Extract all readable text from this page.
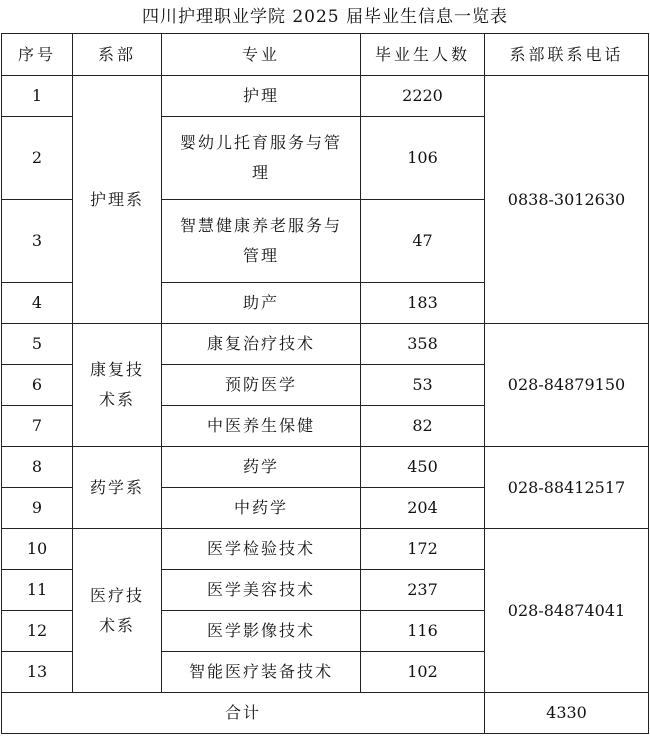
四川护理职业学院 2025 届毕业生信息一览表
序号	系部	专业	毕业生人数	系部联系电话
1	护理系	护理	2220	0838-3012630
2		婴幼儿托育服务与管理	106	
3		智慧健康养老服务与管理	47	
4		助产	183	
5	康复技术系	康复治疗技术	358	028-84879150
6		预防医学	53	
7		中医养生保健	82	
8	药学系	药学	450	028-88412517
9		中药学	204	
10	医疗技术系	医学检验技术	172	028-84874041
11		医学美容技术	237	
12		医学影像技术	116	
13		智能医疗装备技术	102	
合计				4330
